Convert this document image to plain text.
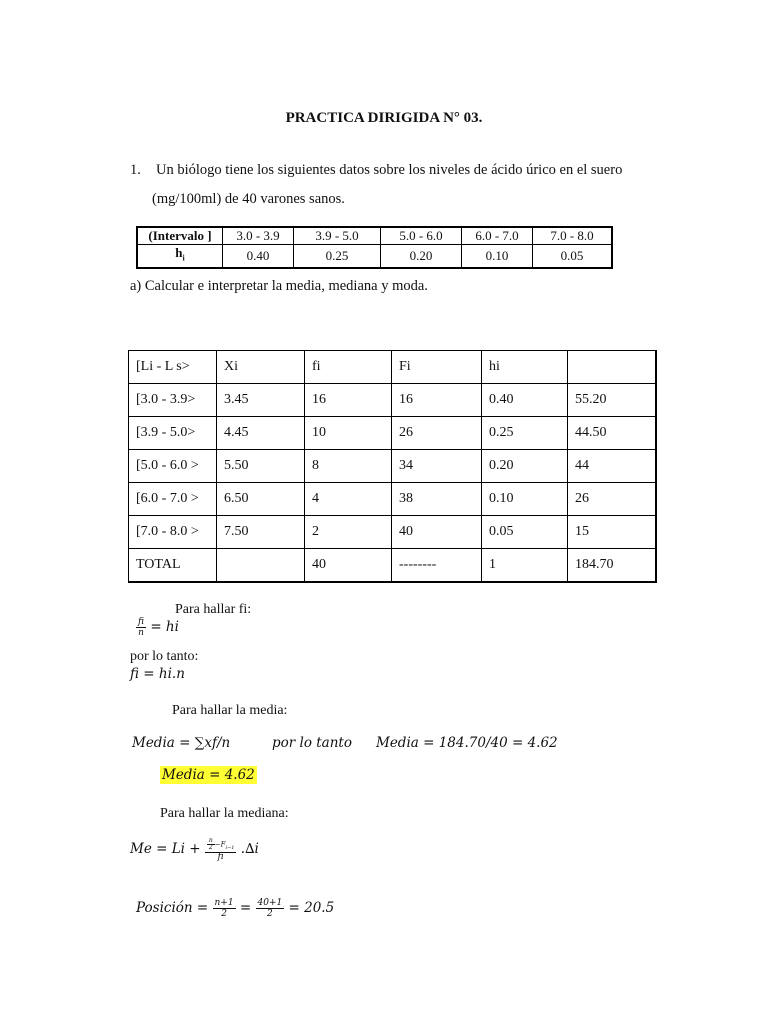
PRACTICA DIRIGIDA N° 03.
1. Un biólogo tiene los siguientes datos sobre los niveles de ácido úrico en el suero
(mg/100ml) de 40 varones sanos.
(Intervalo ]	3.0 - 3.9	3.9 - 5.0	5.0 - 6.0	6.0 - 7.0	7.0 - 8.0
$h_i$	0.40	0.25	0.20	0.10	0.05
a) Calcular e interpretar la media, mediana y moda.
[Li - L s>	Xi	fi	Fi	hi	
[3.0 - 3.9>	3.45	16	16	0.40	55.20
[3.9 - 5.0>	4.45	10	26	0.25	44.50
[5.0 - 6.0 >	5.50	8	34	0.20	44
[6.0 - 7.0 >	6.50	4	38	0.10	26
[7.0 - 8.0 >	7.50	2	40	0.05	15
TOTAL		40	--------	1	184.70
Para hallar fi:
$\frac{fi}{n}$ = hi
por lo tanto:
fi = hi.n
Para hallar la media:
Media = ∑xf/n	por lo tanto Media = 184.70/40 = 4.62
Media = 4.62
Para hallar la mediana:
$Me = Li + \frac{\frac{n}{2} -F_{i-1}}{fi} .\Delta i$
Posición = $\frac{n+1}{2} = \frac{40+1}{2} = 20.5$
